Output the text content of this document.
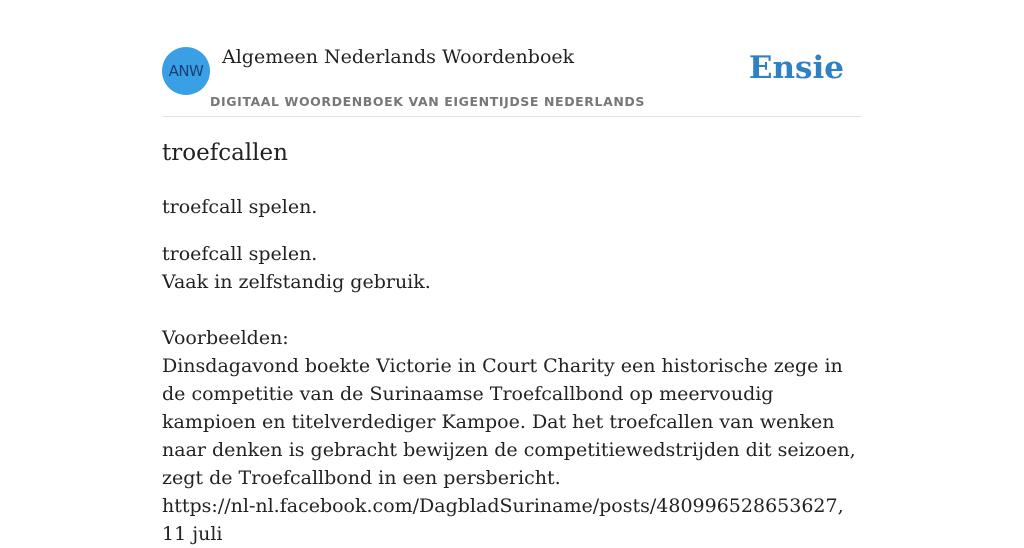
ANW
Algemeen Nederlands Woordenboek
DIGITAAL WOORDENBOEK VAN EIGENTIJDSE NEDERLANDS
Ensie
troefcallen
troefcall spelen.

troefcall spelen.

Vaak in zelfstandig gebruik.

Voorbeelden:

Dinsdagavond boekte Victorie in Court Charity een historische zege in de competitie van de Surinaamse Troefcallbond op meervoudig kampioen en titelverdediger Kampoe. Dat het troefcallen van wenken naar denken is gebracht bewijzen de competitiewedstrijden dit seizoen, zegt de Troefcallbond in een persbericht.

https://nl-nl.facebook.com/DagbladSuriname/posts/480996528653627, 11 juli
